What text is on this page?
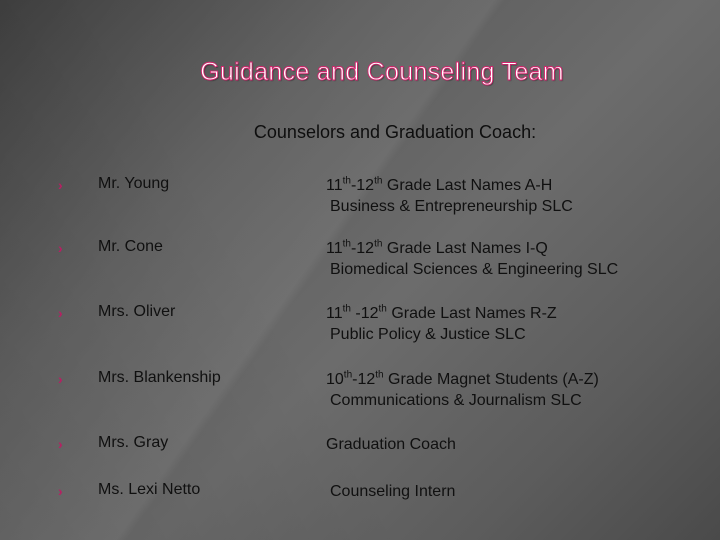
Guidance and Counseling Team
Counselors and Graduation Coach:
› Mr. Young	11th-12th Grade Last Names A-H
Business & Entrepreneurship SLC
› Mr. Cone	11th-12th Grade Last Names I-Q
Biomedical Sciences & Engineering SLC
› Mrs. Oliver	11th -12th Grade Last Names R-Z
Public Policy & Justice SLC
› Mrs. Blankenship	10th-12th Grade Magnet Students (A-Z)
Communications & Journalism SLC
› Mrs. Gray	Graduation Coach
› Ms. Lexi Netto	Counseling Intern
